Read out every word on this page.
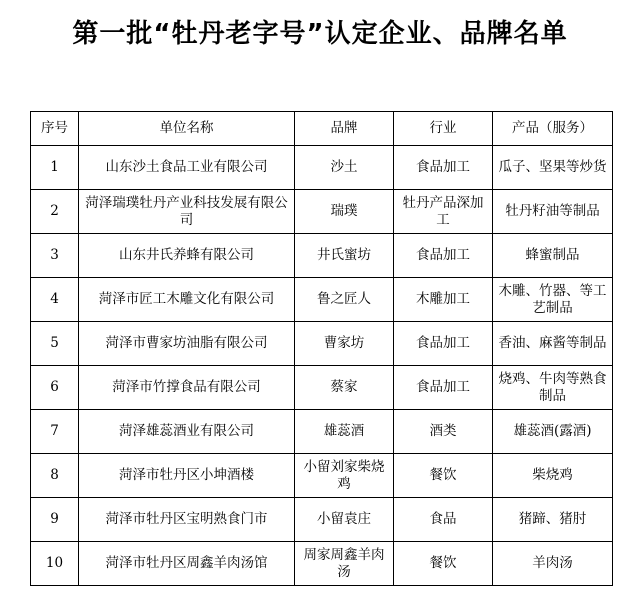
第一批“牡丹老字号”认定企业、品牌名单
序号	单位名称	品牌	行业	产品（服务）
1	山东沙土食品工业有限公司	沙土	食品加工	瓜子、坚果等炒货
2	菏泽瑞璞牡丹产业科技发展有限公司	瑞璞	牡丹产品深加工	牡丹籽油等制品
3	山东井氏养蜂有限公司	井氏蜜坊	食品加工	蜂蜜制品
4	菏泽市匠工木雕文化有限公司	鲁之匠人	木雕加工	木雕、竹器、等工艺制品
5	菏泽市曹家坊油脂有限公司	曹家坊	食品加工	香油、麻酱等制品
6	菏泽市竹撑食品有限公司	蔡家	食品加工	烧鸡、牛肉等熟食制品
7	菏泽雄蕊酒业有限公司	雄蕊酒	酒类	雄蕊酒(露酒)
8	菏泽市牡丹区小坤酒楼	小留刘家柴烧鸡	餐饮	柴烧鸡
9	菏泽市牡丹区宝明熟食门市	小留袁庄	食品	猪蹄、猪肘
10	菏泽市牡丹区周鑫羊肉汤馆	周家周鑫羊肉汤	餐饮	羊肉汤
